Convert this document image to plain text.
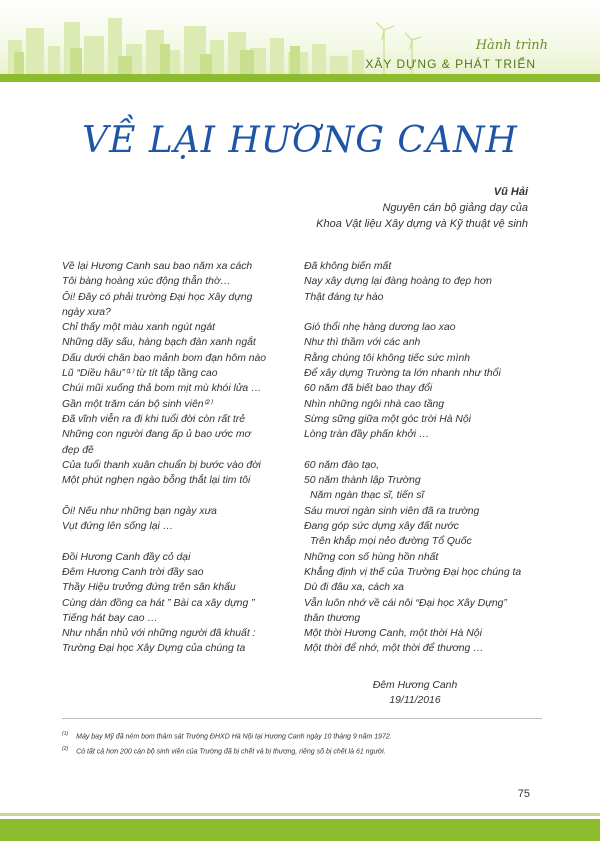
Hành trình
XÂY DỰNG & PHÁT TRIỂN
VỀ LẠI HƯƠNG CANH
Vũ Hải
Nguyên cán bộ giảng dạy của
Khoa Vật liệu Xây dựng và Kỹ thuật vệ sinh
Về lại Hương Canh sau bao năm xa cách
Tôi bàng hoàng xúc động thẫn thờ…
Ôi! Đây có phải trường Đại học Xây dựng
ngày xưa?
Chỉ thấy một màu xanh ngút ngát
Những dãy sấu, hàng bạch đàn xanh ngắt
Dấu dưới chân bao mảnh bom đạn hôm nào
Lũ “Diều hâu”⁽¹⁾ từ tít tắp tầng cao
Chúi mũi xuống thả bom mịt mù khói lửa …
Gần một trăm cán bộ sinh viên⁽²⁾
Đã vĩnh viễn ra đi khi tuổi đời còn rất trẻ
Những con người đang ấp ủ bao ước mơ
đẹp đẽ
Của tuổi thanh xuân chuẩn bị bước vào đời
Một phút nghẹn ngào bỗng thắt lại tim tôi
Ôi! Nếu như những bạn ngày xưa
Vụt đứng lên sống lại …
Đồi Hương Canh đầy cỏ dại
Đêm Hương Canh trời đầy sao
Thầy Hiệu trưởng đứng trên sân khấu
Cùng dàn đồng ca hát ” Bài ca xây dựng ”
Tiếng hát bay cao …
Như nhắn nhủ với những người đã khuất :
Trường Đại học Xây Dựng của chúng ta
Đã không biến mất
Nay xây dựng lại đàng hoàng to đẹp hơn
Thật đáng tự hào
Gió thổi nhẹ hàng dương lao xao
Như thì thầm với các anh
Rằng chúng tôi không tiếc sức mình
Để xây dựng Trường ta lớn nhanh như thổi
60 năm đã biết bao thay đổi
Nhìn những ngôi nhà cao tầng
Sừng sững giữa một góc trời Hà Nội
Lòng tràn đầy phấn khởi …
60 năm đào tạo,
50 năm thành lập Trường
Năm ngàn thạc sĩ, tiến sĩ
Sáu mươi ngàn sinh viên đã ra trường
Đang góp sức dựng xây đất nước
Trên khắp mọi nẻo đường Tổ Quốc
Những con số hùng hồn nhất
Khẳng định vị thế của Trường Đại học chúng ta
Dù đi đâu xa, cách xa
Vẫn luôn nhớ về cái nôi “Đại học Xây Dựng”
thân thương
Một thời Hương Canh, một thời Hà Nội
Một thời để nhớ, một thời để thương …
Đêm Hương Canh
19/11/2016
$^{(1)}$ Máy bay Mỹ đã ném bom thảm sát Trường ĐHXD Hà Nội tại Hương Canh ngày 10 tháng 9 năm 1972.
$^{(2)}$ Có tất cả hơn 200 cán bộ sinh viên của Trường đã bị chết và bị thương, riêng số bị chết là 61 người.
75
